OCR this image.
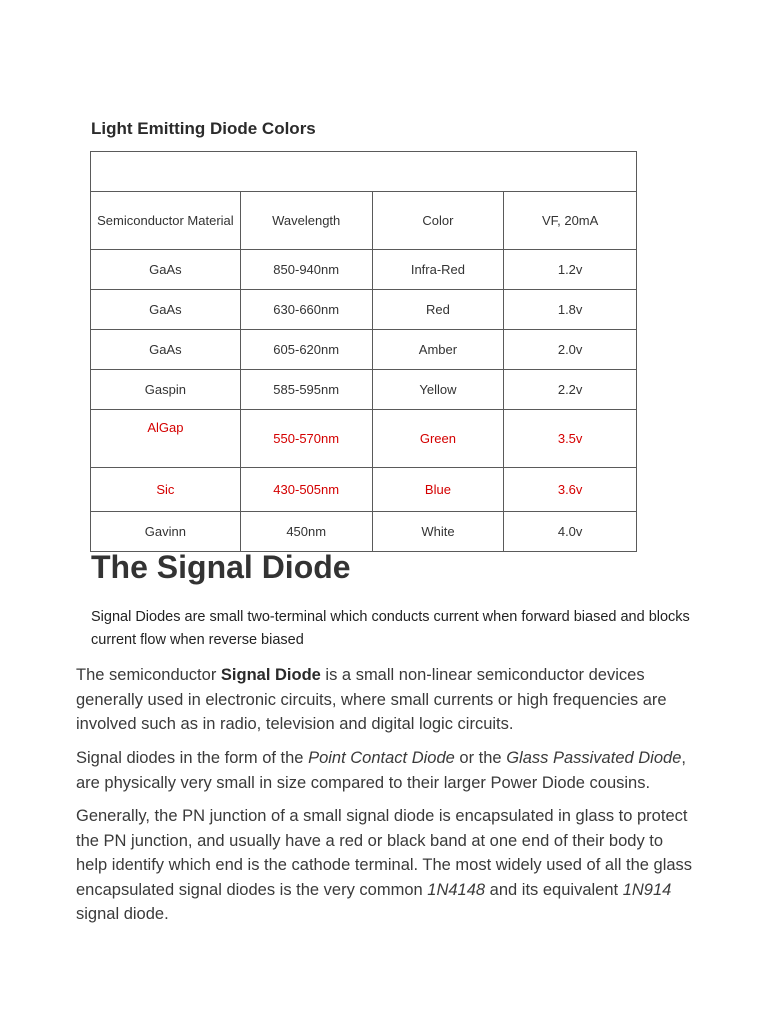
Light Emitting Diode Colors

Semiconductor Material	Wavelength	Color	VF, 20mA
GaAs	850-940nm	Infra-Red	1.2v
GaAs	630-660nm	Red	1.8v
GaAs	605-620nm	Amber	2.0v
Gaspin	585-595nm	Yellow	2.2v
AlGap	550-570nm	Green	3.5v
Sic	430-505nm	Blue	3.6v
Gavinn	450nm	White	4.0v
The Signal Diode

Signal Diodes are small two-terminal which conducts current when forward biased and blocks current flow when reverse biased

The semiconductor Signal Diode is a small non-linear semiconductor devices generally used in electronic circuits, where small currents or high frequencies are involved such as in radio, television and digital logic circuits.

Signal diodes in the form of the Point Contact Diode or the Glass Passivated Diode, are physically very small in size compared to their larger Power Diode cousins.

Generally, the PN junction of a small signal diode is encapsulated in glass to protect the PN junction, and usually have a red or black band at one end of their body to help identify which end is the cathode terminal. The most widely used of all the glass encapsulated signal diodes is the very common 1N4148 and its equivalent 1N914 signal diode.
